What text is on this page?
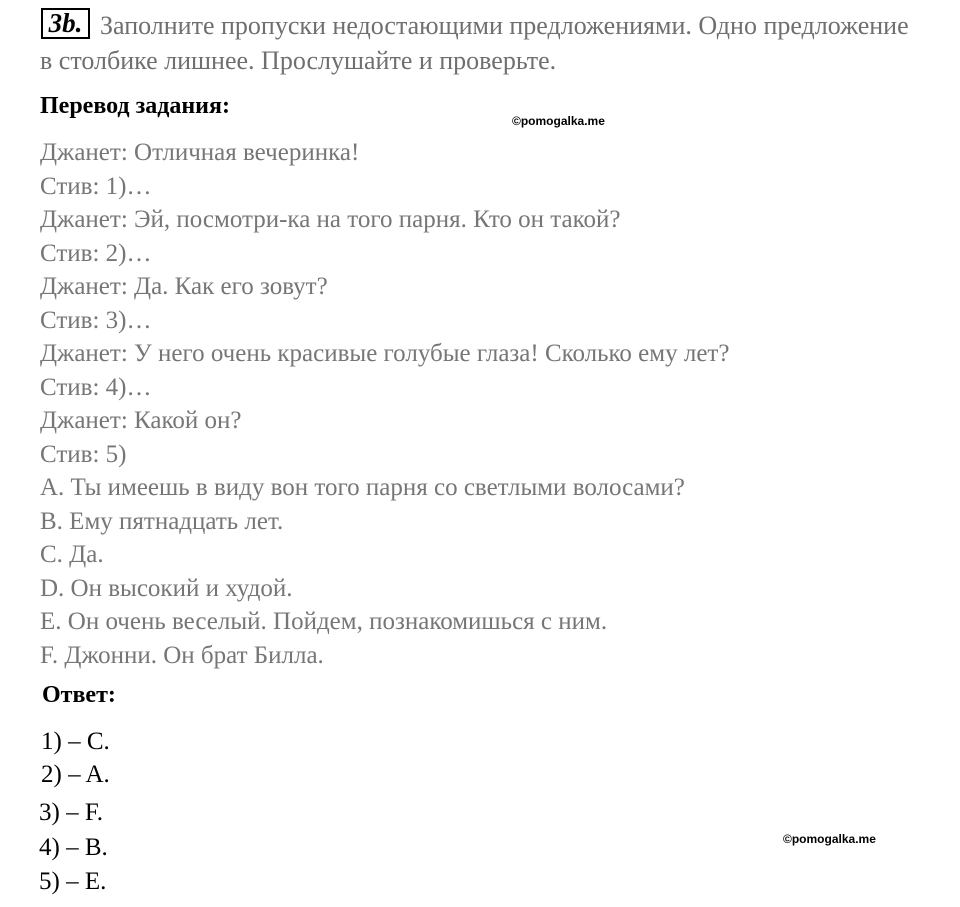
3b. Заполните пропуски недостающими предложениями. Одно предложение
в столбике лишнее. Прослушайте и проверьте.
Перевод задания:
©pomogalka.me
Джанет: Отличная вечеринка!
Стив: 1)…
Джанет: Эй, посмотри-ка на того парня. Кто он такой?
Стив: 2)…
Джанет: Да. Как его зовут?
Стив: 3)…
Джанет: У него очень красивые голубые глаза! Сколько ему лет?
Стив: 4)…
Джанет: Какой он?
Стив: 5)
A. Ты имеешь в виду вон того парня со светлыми волосами?
B. Ему пятнадцать лет.
C. Да.
D. Он высокий и худой.
E. Он очень веселый. Пойдем, познакомишься с ним.
F. Джонни. Он брат Билла.
Ответ:
1) – C.
2) – A.
3) – F.
4) – B.
5) – E.
©pomogalka.me
